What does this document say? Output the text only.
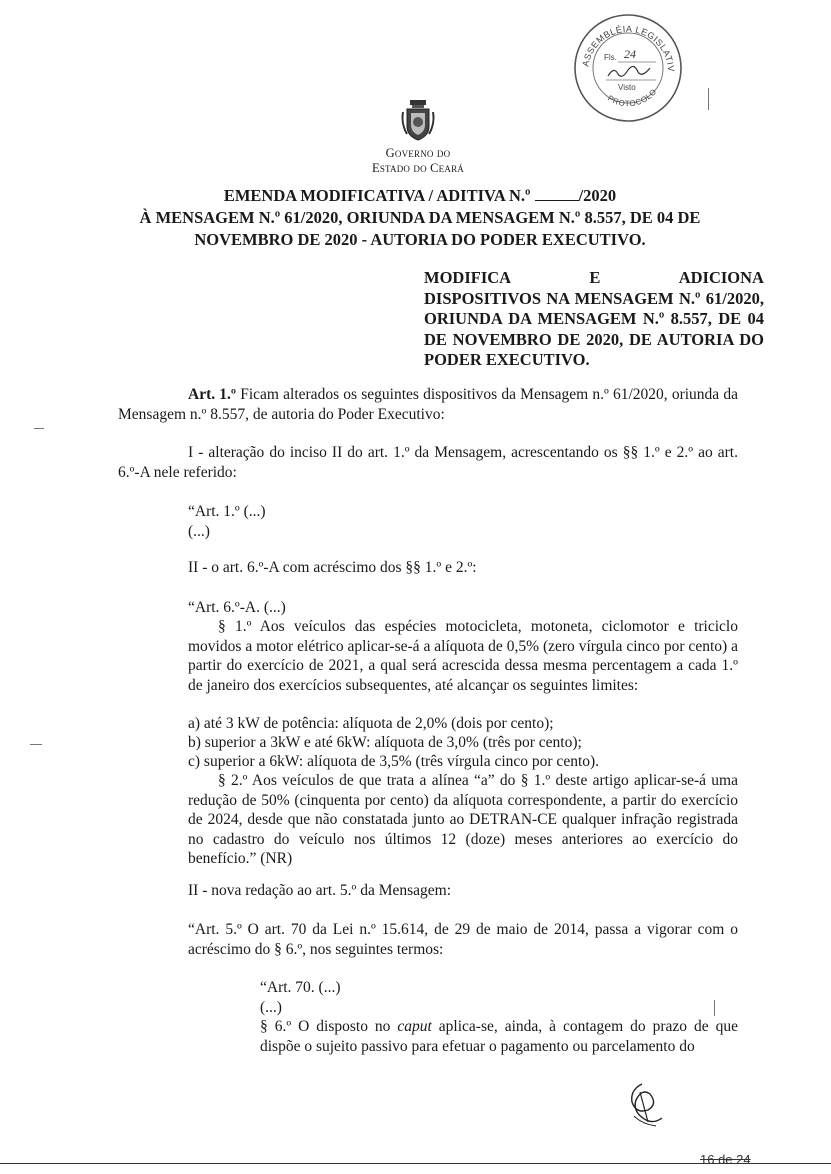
ASSEMBLÉIA LEGISLATIV
PROTOCOLO
Fls. 24
Visto
Governo do
Estado do Ceará
EMENDA MODIFICATIVA / ADITIVA N.º	/2020
À MENSAGEM N.º 61/2020, ORIUNDA DA MENSAGEM N.º 8.557, DE 04 DE
NOVEMBRO DE 2020 - AUTORIA DO PODER EXECUTIVO.
MODIFICA	E	ADICIONA
DISPOSITIVOS NA MENSAGEM N.º 61/2020, ORIUNDA DA MENSAGEM N.º 8.557, DE 04 DE NOVEMBRO DE 2020, DE AUTORIA DO PODER EXECUTIVO.
Art. 1.º Ficam alterados os seguintes dispositivos da Mensagem n.º 61/2020, oriunda da Mensagem n.º 8.557, de autoria do Poder Executivo:
I - alteração do inciso II do art. 1.º da Mensagem, acrescentando os §§ 1.º e 2.º ao art. 6.º-A nele referido:
“Art. 1.º (...)
(...)
II - o art. 6.º-A com acréscimo dos §§ 1.º e 2.º:
“Art. 6.º-A. (...)
§ 1.º Aos veículos das espécies motocicleta, motoneta, ciclomotor e triciclo movidos a motor elétrico aplicar-se-á a alíquota de 0,5% (zero vírgula cinco por cento) a partir do exercício de 2021, a qual será acrescida dessa mesma percentagem a cada 1.º de janeiro dos exercícios subsequentes, até alcançar os seguintes limites:
a) até 3 kW de potência: alíquota de 2,0% (dois por cento);
b) superior a 3kW e até 6kW: alíquota de 3,0% (três por cento);
c) superior a 6kW: alíquota de 3,5% (três vírgula cinco por cento).
§ 2.º Aos veículos de que trata a alínea “a” do § 1.º deste artigo aplicar-se-á uma redução de 50% (cinquenta por cento) da alíquota correspondente, a partir do exercício de 2024, desde que não constatada junto ao DETRAN-CE qualquer infração registrada no cadastro do veículo nos últimos 12 (doze) meses anteriores ao exercício do benefício.” (NR)
II - nova redação ao art. 5.º da Mensagem:
“Art. 5.º O art. 70 da Lei n.º 15.614, de 29 de maio de 2014, passa a vigorar com o acréscimo do § 6.º, nos seguintes termos:
“Art. 70. (...)
(...)
§ 6.º O disposto no caput aplica-se, ainda, à contagem do prazo de que dispõe o sujeito passivo para efetuar o pagamento ou parcelamento do
16 de 24
